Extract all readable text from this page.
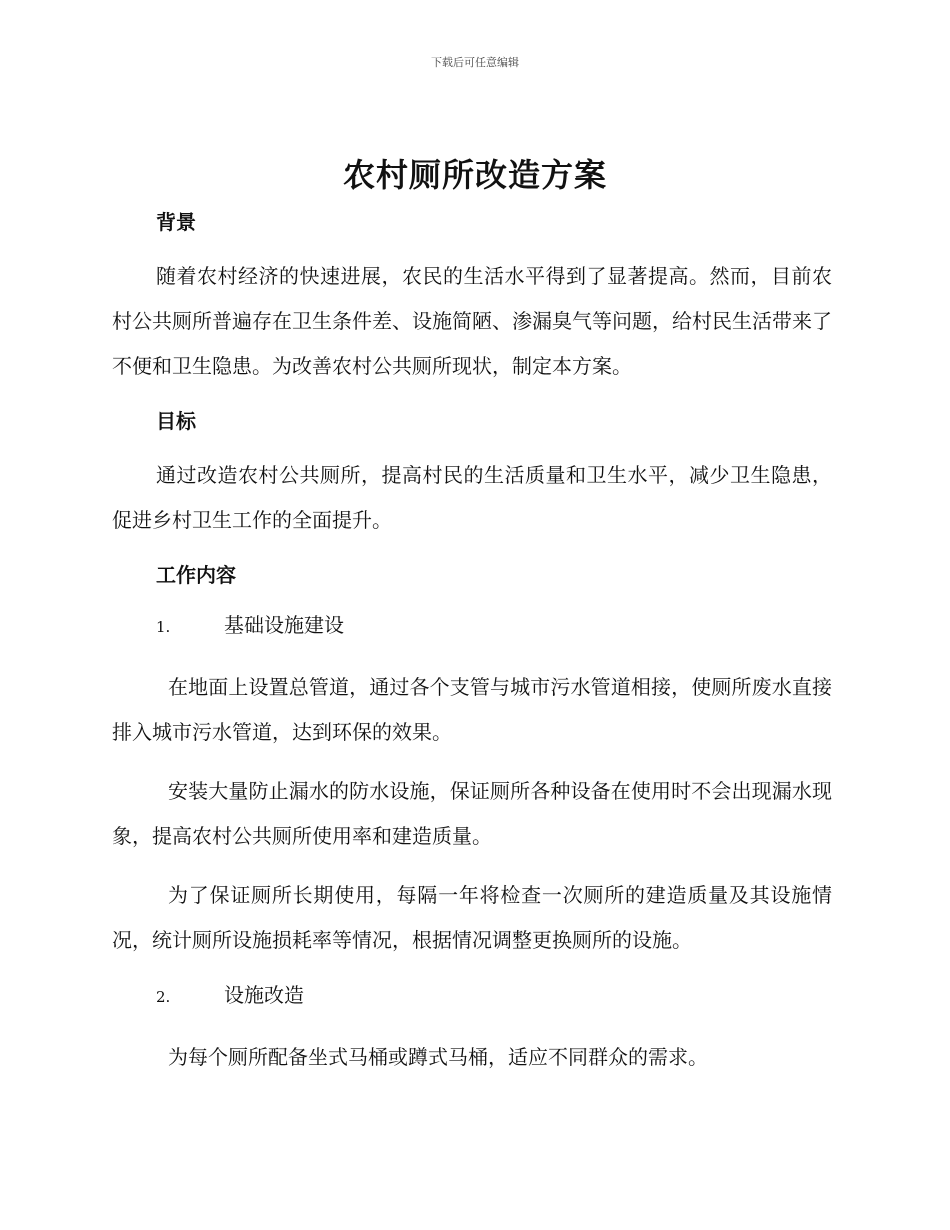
下载后可任意编辑
农村厕所改造方案
背景

随着农村经济的快速进展，农民的生活水平得到了显著提高。然而，目前农村公共厕所普遍存在卫生条件差、设施简陋、渗漏臭气等问题，给村民生活带来了不便和卫生隐患。为改善农村公共厕所现状，制定本方案。

目标

通过改造农村公共厕所，提高村民的生活质量和卫生水平，减少卫生隐患，促进乡村卫生工作的全面提升。

工作内容
1.	基础设施建设

在地面上设置总管道，通过各个支管与城市污水管道相接，使厕所废水直接排入城市污水管道，达到环保的效果。

安装大量防止漏水的防水设施，保证厕所各种设备在使用时不会出现漏水现象，提高农村公共厕所使用率和建造质量。

为了保证厕所长期使用，每隔一年将检查一次厕所的建造质量及其设施情况，统计厕所设施损耗率等情况，根据情况调整更换厕所的设施。

2.	设施改造

为每个厕所配备坐式马桶或蹲式马桶，适应不同群众的需求。
